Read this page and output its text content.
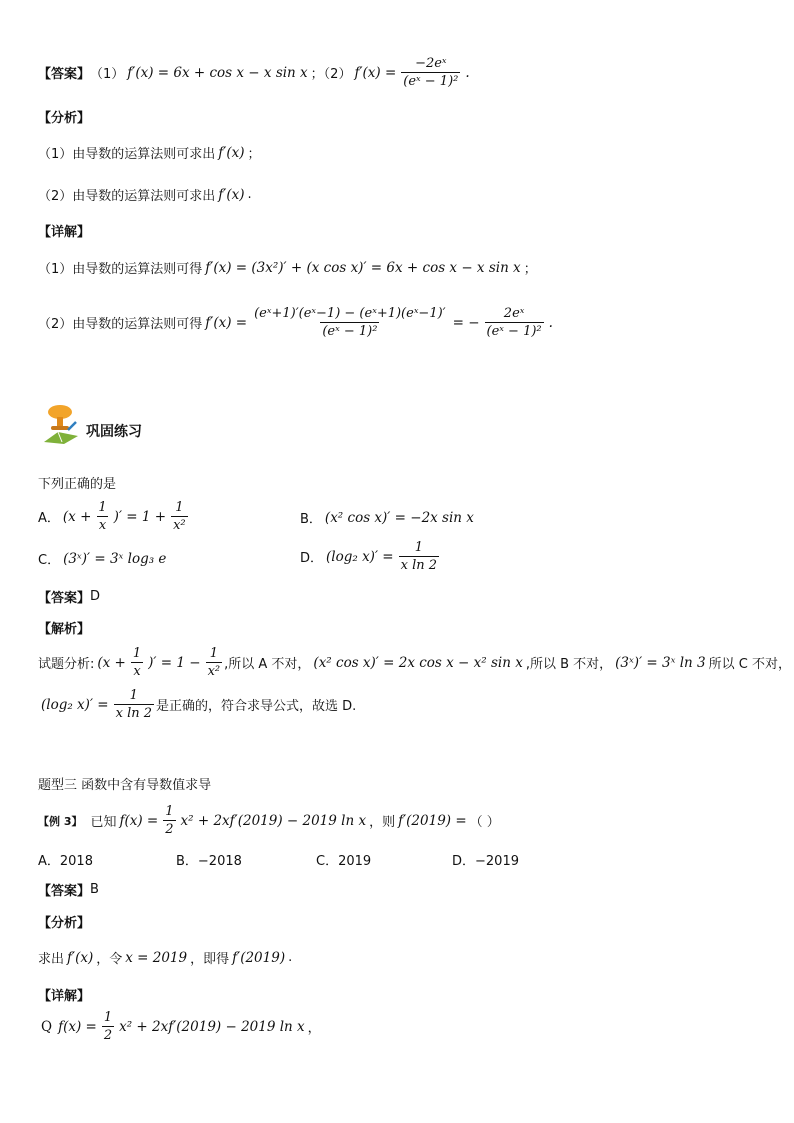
【答案】 （1） f′(x) = 6x + cos x − x sin x ；（2） $f'(x) = \frac{\text{−2eˣ}}{\text{(eˣ − 1)²}}$ .
【分析】
（1）由导数的运算法则可求出 f′(x) ；
（2）由导数的运算法则可求出 f′(x) .
【详解】
（1）由导数的运算法则可得 f′(x) = (3x²)′ + (x cos x)′ = 6x + cos x − x sin x ；
（2）由导数的运算法则可得 $f'(x) = \frac{\text{(eˣ+1)′(eˣ−1) − (eˣ+1)(eˣ−1)′}}{\text{(eˣ − 1)²}}$ = − $\frac{\text{2eˣ}}{\text{(eˣ − 1)²}}$ .
巩固练习
下列正确的是
A． ($x + \frac{1}{x}$ )′ = $1 + \frac{1}{\text{x²}}$	B． (x² cos x)′ = −2x sin x
C． (3ˣ)′ = 3ˣ log₃ e	D． (log₂ $x)' = \frac{1}{\text{x ln 2}}$
【答案】 D
【解析】
试题分析: ($x + \frac{1}{x}$ )′ = $1 - \frac{1}{\text{x²}}$ ,所以 A 不对， (x² cos x)′ = 2x cos x − x² sin x ,所以 B 不对， (3ˣ)′ = 3ˣ ln 3 所以 C 不对，
(log₂ $x)' = \frac{1}{\text{x ln 2}}$ 是正确的，符合求导公式，故选 D.
题型三 函数中含有导数值求导
【例 3】 已知 $f(x) = \frac{1}{2} x^2 + 2xf'(2019) - 2019$ ln x ，则 f′(2019) = （ ）
A．2018	B．−2018	C．2019	D．−2019
【答案】 B
【分析】
求出 f′(x) ，令 x = 2019 ，即得 f′(2019) .
【详解】
Q $f(x) = \frac{1}{2} x^2 + 2xf'(2019) - 2019$ ln x ，
